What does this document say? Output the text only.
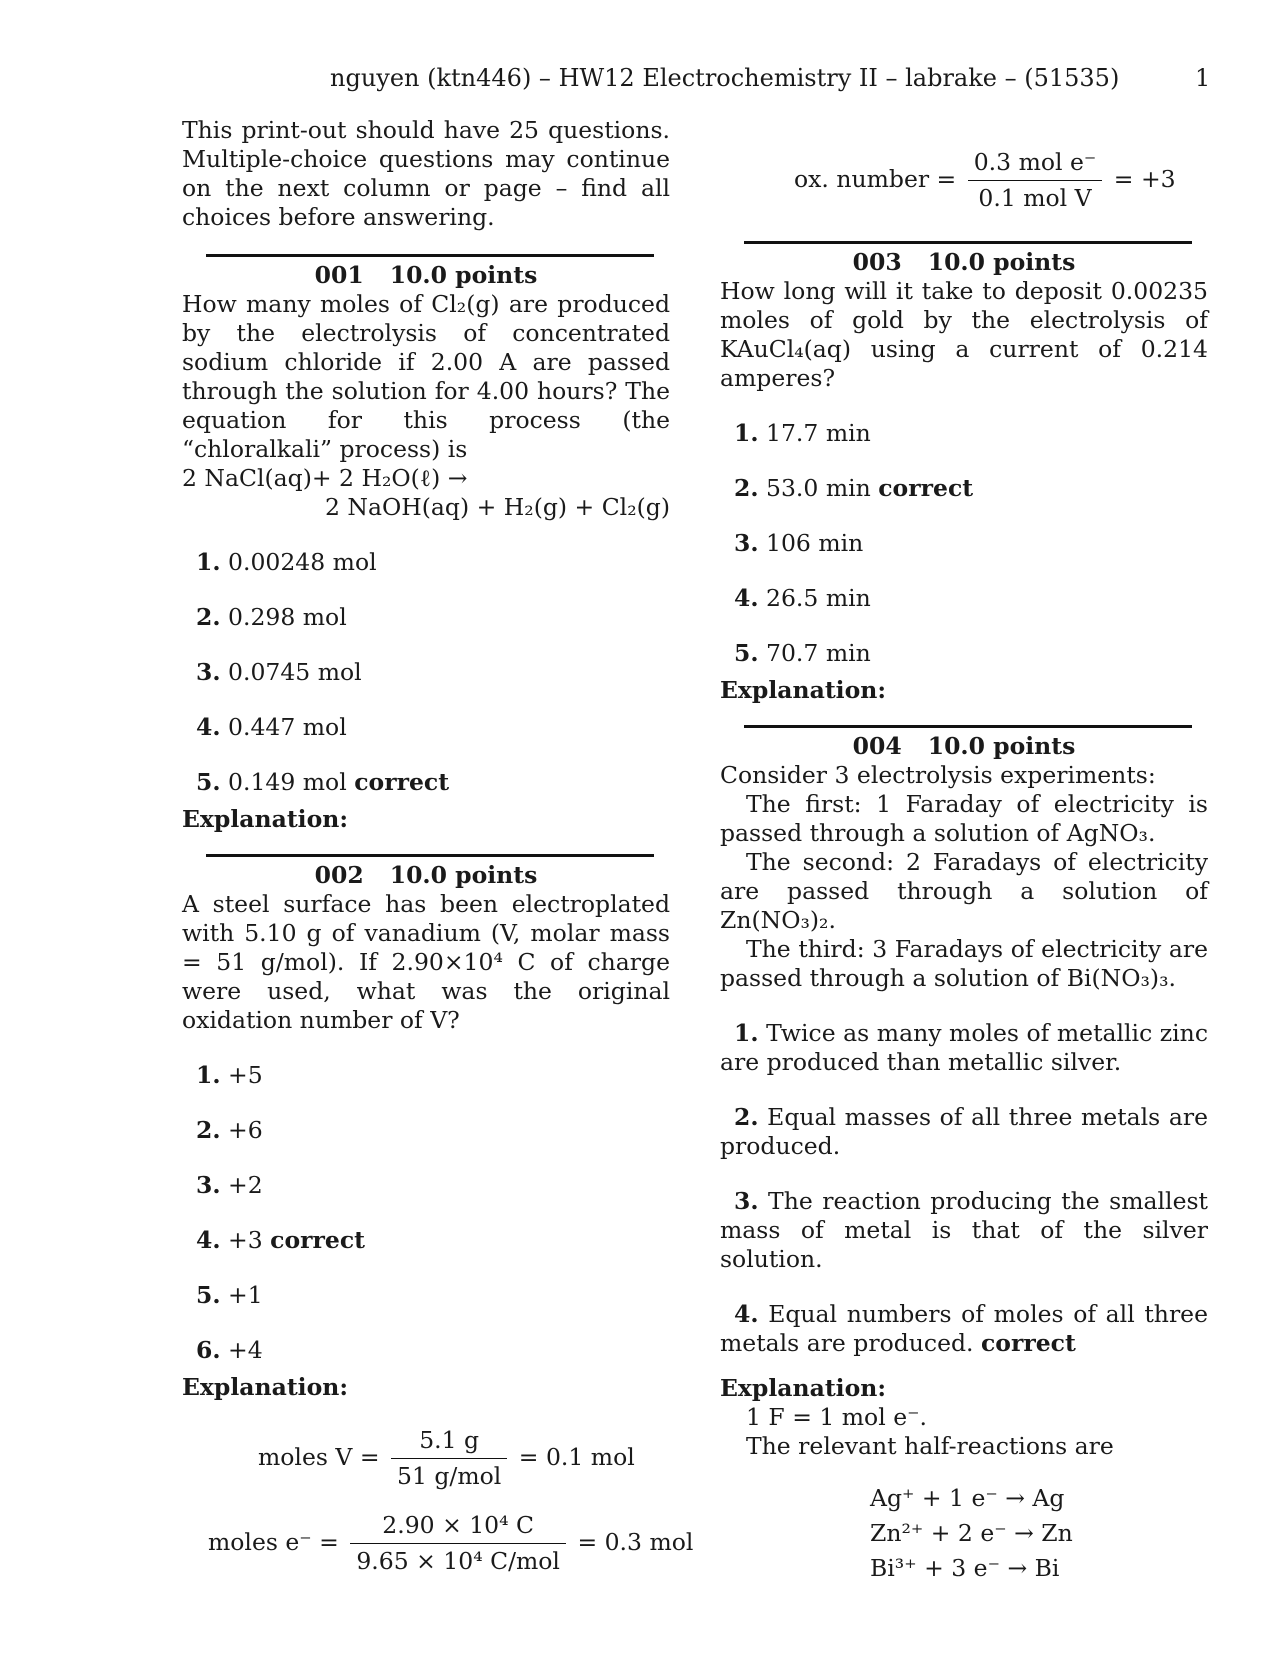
nguyen (ktn446) – HW12 Electrochemistry II – labrake – (51535)	1
This print-out should have 25 questions. Multiple-choice questions may continue on the next column or page – find all choices before answering.
001 10.0 points
How many moles of Cl₂(g) are produced by the electrolysis of concentrated sodium chloride if 2.00 A are passed through the solution for 4.00 hours? The equation for this process (the “chloralkali” process) is
2 NaCl(aq)+ 2 H₂O(ℓ) →
2 NaOH(aq) + H₂(g) + Cl₂(g)
1. 0.00248 mol
2. 0.298 mol
3. 0.0745 mol
4. 0.447 mol
5. 0.149 mol correct
Explanation:
002 10.0 points
A steel surface has been electroplated with 5.10 g of vanadium (V, molar mass = 51 g/mol). If 2.90×10⁴ C of charge were used, what was the original oxidation number of V?
1. +5
2. +6
3. +2
4. +3 correct
5. +1
6. +4
Explanation:
moles $V = \frac{5.1 g}{\text{51 g/mol}} = 0.1$ mol
moles $e^- = \frac{\text{2.90 × 10⁴ C}}{\text{9.65 × 10⁴ C/mol}} = 0.3$ mol
ox. number = $\frac{\text{0.3 mol e⁻}}{\text{0.1 mol V}} = +3$
003 10.0 points
How long will it take to deposit 0.00235 moles of gold by the electrolysis of KAuCl₄(aq) using a current of 0.214 amperes?
1. 17.7 min
2. 53.0 min correct
3. 106 min
4. 26.5 min
5. 70.7 min
Explanation:
004 10.0 points
Consider 3 electrolysis experiments:
The first: 1 Faraday of electricity is passed through a solution of AgNO₃.
The second: 2 Faradays of electricity are passed through a solution of Zn(NO₃)₂.
The third: 3 Faradays of electricity are passed through a solution of Bi(NO₃)₃.
1. Twice as many moles of metallic zinc are produced than metallic silver.
2. Equal masses of all three metals are produced.
3. The reaction producing the smallest mass of metal is that of the silver solution.
4. Equal numbers of moles of all three metals are produced. correct
Explanation:
1 F = 1 mol e⁻.
The relevant half-reactions are
Ag⁺ + 1 e⁻ → Ag
Zn²⁺ + 2 e⁻ → Zn
Bi³⁺ + 3 e⁻ → Bi
